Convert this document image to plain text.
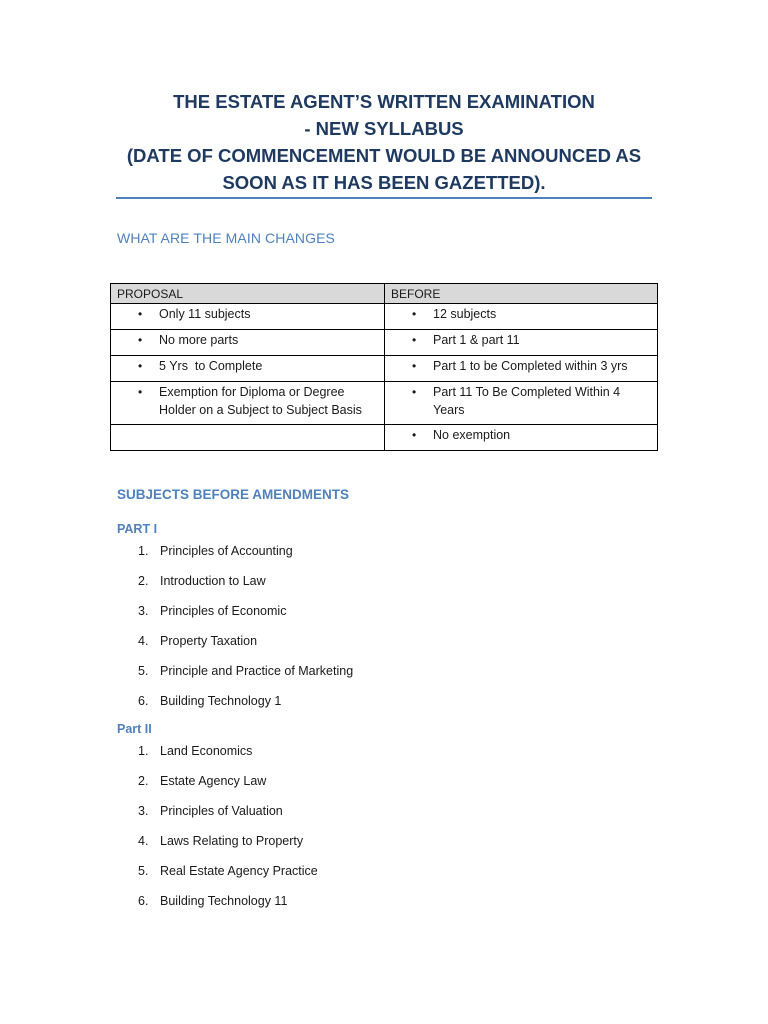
THE ESTATE AGENT’S WRITTEN EXAMINATION
- NEW SYLLABUS
(DATE OF COMMENCEMENT WOULD BE ANNOUNCED AS
SOON AS IT HAS BEEN GAZETTED).
WHAT ARE THE MAIN CHANGES
PROPOSAL	BEFORE

• Only 11 subjects	• 12 subjects

• No more parts	• Part 1 & part 11

• 5 Yrs  to Complete	• Part 1 to be Completed within 3 yrs

• Exemption for Diploma or Degree Holder on a Subject to Subject Basis	• Part 11 To Be Completed Within 4 Years

	• No exemption
SUBJECTS BEFORE AMENDMENTS
PART I
1. Principles of Accounting
2. Introduction to Law
3. Principles of Economic
4. Property Taxation
5. Principle and Practice of Marketing
6. Building Technology 1
Part II
1. Land Economics
2. Estate Agency Law
3. Principles of Valuation
4. Laws Relating to Property
5. Real Estate Agency Practice
6. Building Technology 11
